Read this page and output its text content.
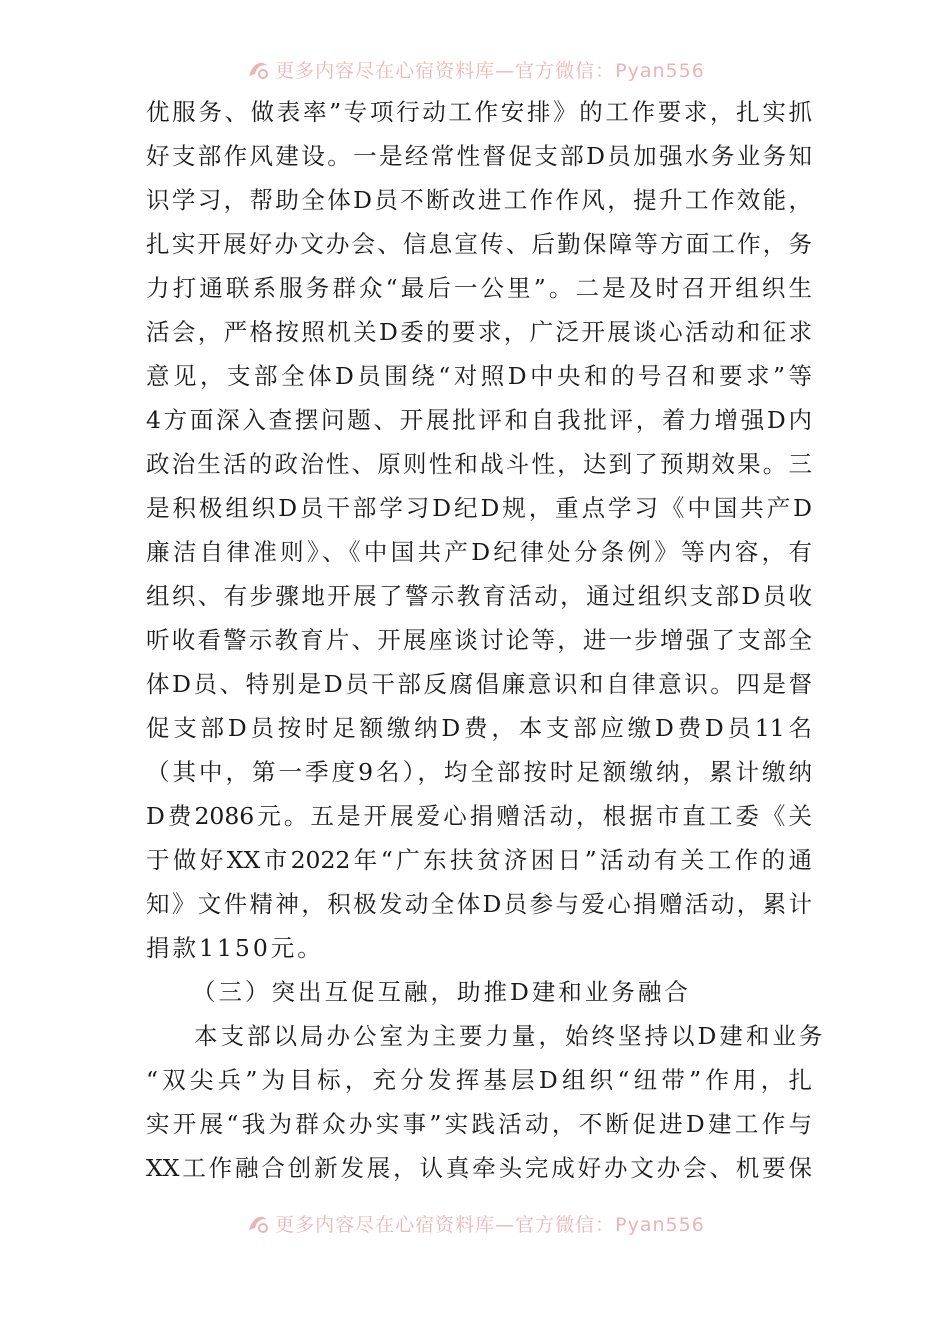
更多内容尽在心宿资料库—官方微信：Pyan556
优服务、做表率”专项行动工作安排》的工作要求，扎实抓
好支部作风建设。一是经常性督促支部D员加强水务业务知
识学习，帮助全体D员不断改进工作作风，提升工作效能，
扎实开展好办文办会、信息宣传、后勤保障等方面工作，务
力打通联系服务群众“最后一公里”。二是及时召开组织生
活会，严格按照机关D委的要求，广泛开展谈心活动和征求
意见，支部全体D员围绕“对照D中央和的号召和要求”等
4方面深入查摆问题、开展批评和自我批评，着力增强D内
政治生活的政治性、原则性和战斗性，达到了预期效果。三
是积极组织D员干部学习D纪D规，重点学习《中国共产D
廉洁自律准则》、《中国共产D纪律处分条例》等内容，有
组织、有步骤地开展了警示教育活动，通过组织支部D员收
听收看警示教育片、开展座谈讨论等，进一步增强了支部全
体D员、特别是D员干部反腐倡廉意识和自律意识。四是督
促支部D员按时足额缴纳D费，本支部应缴D费D员11名
（其中，第一季度9名），均全部按时足额缴纳，累计缴纳
D费2086元。五是开展爱心捐赠活动，根据市直工委《关
于做好XX市2022年“广东扶贫济困日”活动有关工作的通
知》文件精神，积极发动全体D员参与爱心捐赠活动，累计
捐款1150元。
（三）突出互促互融，助推D建和业务融合
本支部以局办公室为主要力量，始终坚持以D建和业务
“双尖兵”为目标，充分发挥基层D组织“纽带”作用，扎
实开展“我为群众办实事”实践活动，不断促进D建工作与
XX工作融合创新发展，认真牵头完成好办文办会、机要保
更多内容尽在心宿资料库—官方微信：Pyan556
